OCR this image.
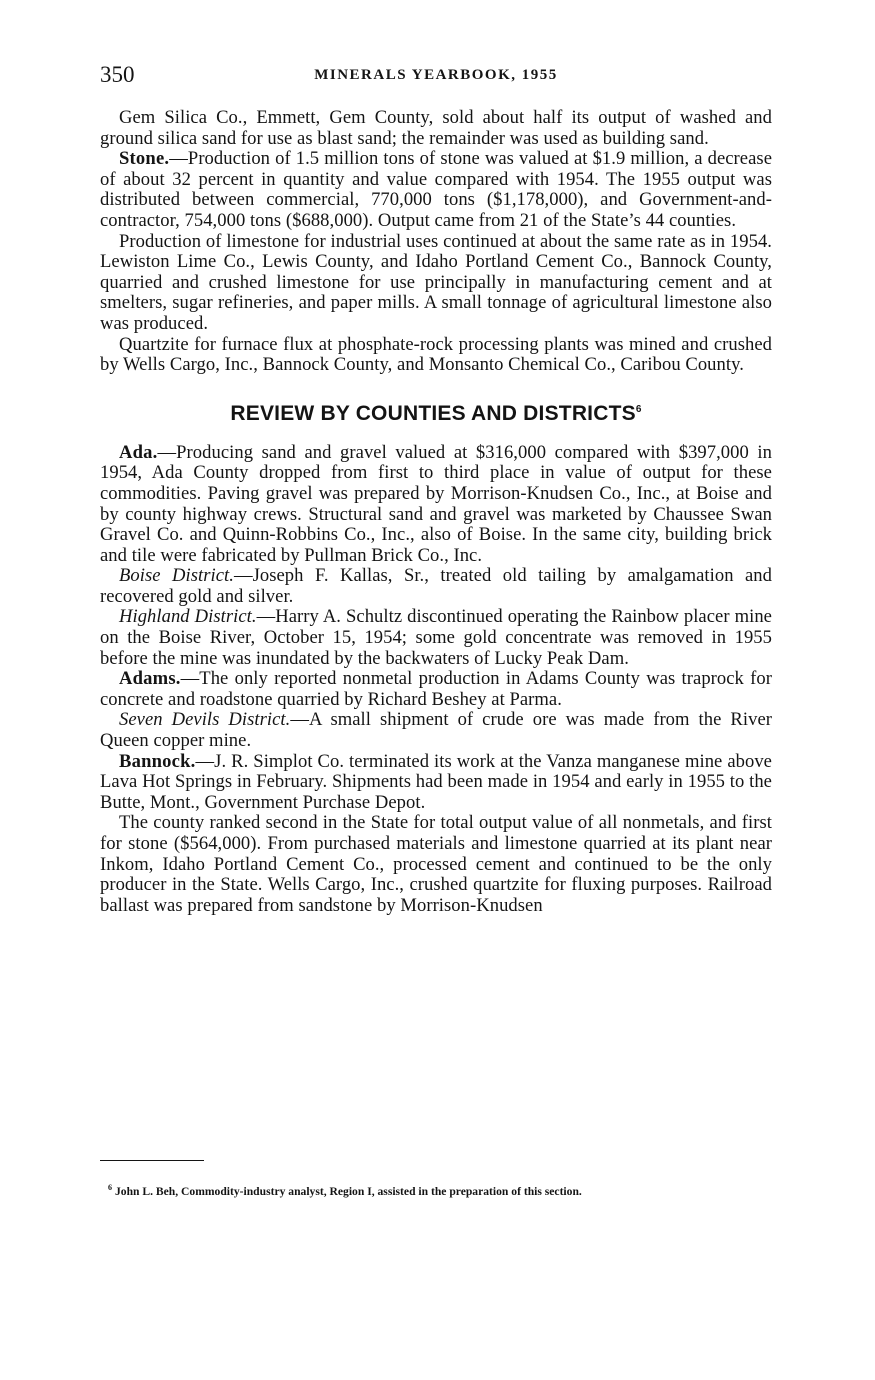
350	MINERALS YEARBOOK, 1955

Gem Silica Co., Emmett, Gem County, sold about half its output of washed and ground silica sand for use as blast sand; the remainder was used as building sand.

Stone.—Production of 1.5 million tons of stone was valued at $1.9 million, a decrease of about 32 percent in quantity and value compared with 1954. The 1955 output was distributed between commercial, 770,000 tons ($1,178,000), and Government-and-contractor, 754,000 tons ($688,000). Output came from 21 of the State’s 44 counties.

Production of limestone for industrial uses continued at about the same rate as in 1954. Lewiston Lime Co., Lewis County, and Idaho Portland Cement Co., Bannock County, quarried and crushed limestone for use principally in manufacturing cement and at smelters, sugar refineries, and paper mills. A small tonnage of agricultural limestone also was produced.

Quartzite for furnace flux at phosphate-rock processing plants was mined and crushed by Wells Cargo, Inc., Bannock County, and Monsanto Chemical Co., Caribou County.

REVIEW BY COUNTIES AND DISTRICTS$^6$

Ada.—Producing sand and gravel valued at $316,000 compared with $397,000 in 1954, Ada County dropped from first to third place in value of output for these commodities. Paving gravel was prepared by Morrison-Knudsen Co., Inc., at Boise and by county highway crews. Structural sand and gravel was marketed by Chaussee Swan Gravel Co. and Quinn-Robbins Co., Inc., also of Boise. In the same city, building brick and tile were fabricated by Pullman Brick Co., Inc.

Boise District.—Joseph F. Kallas, Sr., treated old tailing by amalgamation and recovered gold and silver.

Highland District.—Harry A. Schultz discontinued operating the Rainbow placer mine on the Boise River, October 15, 1954; some gold concentrate was removed in 1955 before the mine was inundated by the backwaters of Lucky Peak Dam.

Adams.—The only reported nonmetal production in Adams County was traprock for concrete and roadstone quarried by Richard Beshey at Parma.

Seven Devils District.—A small shipment of crude ore was made from the River Queen copper mine.

Bannock.—J. R. Simplot Co. terminated its work at the Vanza manganese mine above Lava Hot Springs in February. Shipments had been made in 1954 and early in 1955 to the Butte, Mont., Government Purchase Depot.

The county ranked second in the State for total output value of all nonmetals, and first for stone ($564,000). From purchased materials and limestone quarried at its plant near Inkom, Idaho Portland Cement Co., processed cement and continued to be the only producer in the State. Wells Cargo, Inc., crushed quartzite for fluxing purposes. Railroad ballast was prepared from sandstone by Morrison-Knudsen

$^6$ John L. Beh, Commodity-industry analyst, Region I, assisted in the preparation of this section.
